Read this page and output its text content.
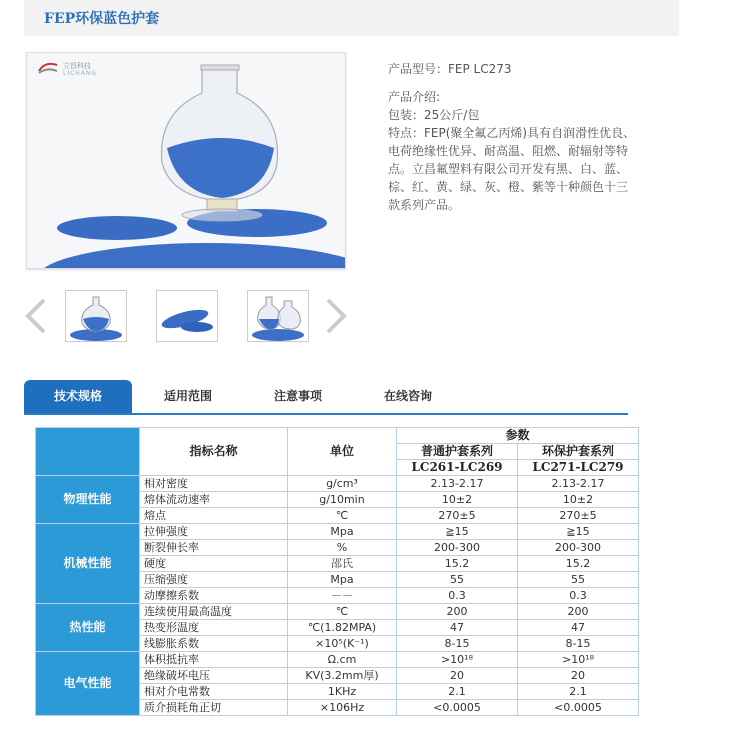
FEP环保蓝色护套
立昌科技
LICHANG	产品型号：FEP LC273
产品介绍:
包装：25公斤/包
特点：FEP(聚全氟乙丙烯)具有自润滑性优良、
电荷绝缘性优异、耐高温、阻燃、耐辐射等特
点。立昌氟塑料有限公司开发有黑、白、蓝、
棕、红、黄、绿、灰、橙、紫等十种颜色十三
款系列产品。
技术规格	适用范围	注意事项	在线咨询
	指标名称	单位	参数	
			普通护套系列	环保护套系列
			LC261-LC269	LC271-LC279
物理性能	相对密度	g/cm³	2.13-2.17	2.13-2.17
	熔体流动速率	g/10min	10±2	10±2
	熔点	℃	270±5	270±5
机械性能	拉伸强度	Mpa	≧15	≧15
	断裂伸长率	%	200-300	200-300
	硬度	邵氏	15.2	15.2
	压缩强度	Mpa	55	55
	动摩擦系数	－－	0.3	0.3
热性能	连续使用最高温度	℃	200	200
	热变形温度	℃(1.82MPA)	47	47
	线膨胀系数	×10⁵(K⁻¹)	8-15	8-15
电气性能	体积抵抗率	Ω.cm	>10¹⁸	>10¹⁸
	绝缘破坏电压	KV(3.2mm厚)	20	20
	相对介电常数	1KHz	2.1	2.1
	质介损耗角正切	×106Hz	<0.0005	<0.0005
